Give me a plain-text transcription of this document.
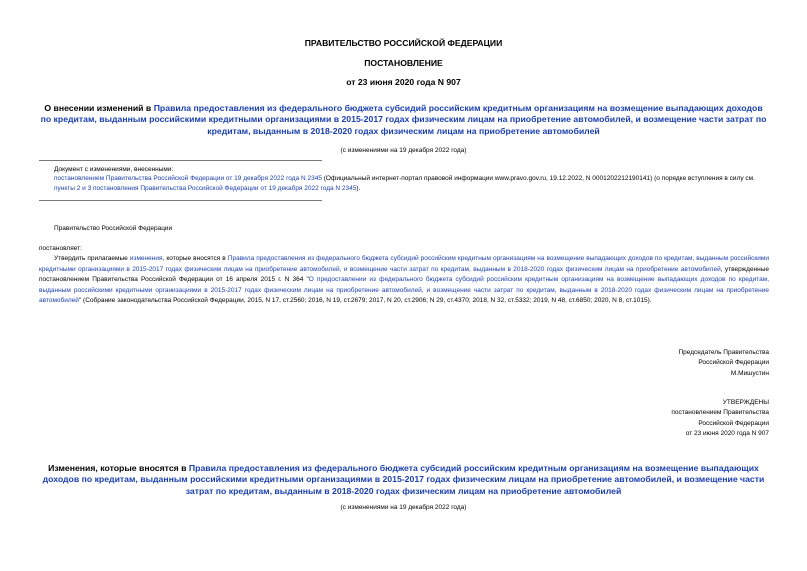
ПРАВИТЕЛЬСТВО РОССИЙСКОЙ ФЕДЕРАЦИИ
ПОСТАНОВЛЕНИЕ
от 23 июня 2020 года N 907
О внесении изменений в Правила предоставления из федерального бюджета субсидий российским кредитным организациям на возмещение выпадающих доходов по кредитам, выданным российскими кредитными организациями в 2015-2017 годах физическим лицам на приобретение автомобилей, и возмещение части затрат по кредитам, выданным в 2018-2020 годах физическим лицам на приобретение автомобилей
(с изменениями на 19 декабря 2022 года)
Документ с изменениями, внесенными:
постановлением Правительства Российской Федерации от 19 декабря 2022 года N 2345 (Официальный интернет-портал правовой информации www.pravo.gov.ru, 19.12.2022, N 0001202212190141) (о порядке вступления в силу см. пункты 2 и 3 постановления Правительства Российской Федерации от 19 декабря 2022 года N 2345).
Правительство Российской Федерации
постановляет:
Утвердить прилагаемые изменения, которые вносятся в Правила предоставления из федерального бюджета субсидий российским кредитным организациям на возмещение выпадающих доходов по кредитам, выданным российскими кредитными организациями в 2015-2017 годах физическим лицам на приобретение автомобилей, и возмещение части затрат по кредитам, выданным в 2018-2020 годах физическим лицам на приобретение автомобилей, утвержденные постановлением Правительства Российской Федерации от 16 апреля 2015 г. N 364 "О предоставлении из федерального бюджета субсидий российским кредитным организациям на возмещение выпадающих доходов по кредитам, выданным российскими кредитными организациями в 2015-2017 годах физическим лицам на приобретение автомобилей, и возмещение части затрат по кредитам, выданным в 2018-2020 годах физическим лицам на приобретение автомобилей" (Собрание законодательства Российской Федерации, 2015, N 17, ст.2560; 2016, N 19, ст.2679; 2017, N 20, ст.2906; N 29, ст.4370; 2018, N 32, ст.5332; 2019, N 48, ст.6850; 2020, N 8, ст.1015).
Председатель Правительства
Российской Федерации
М.Мишустин
УТВЕРЖДЕНЫ
постановлением Правительства
Российской Федерации
от 23 июня 2020 года N 907
Изменения, которые вносятся в Правила предоставления из федерального бюджета субсидий российским кредитным организациям на возмещение выпадающих доходов по кредитам, выданным российскими кредитными организациями в 2015-2017 годах физическим лицам на приобретение автомобилей, и возмещение части затрат по кредитам, выданным в 2018-2020 годах физическим лицам на приобретение автомобилей
(с изменениями на 19 декабря 2022 года)
